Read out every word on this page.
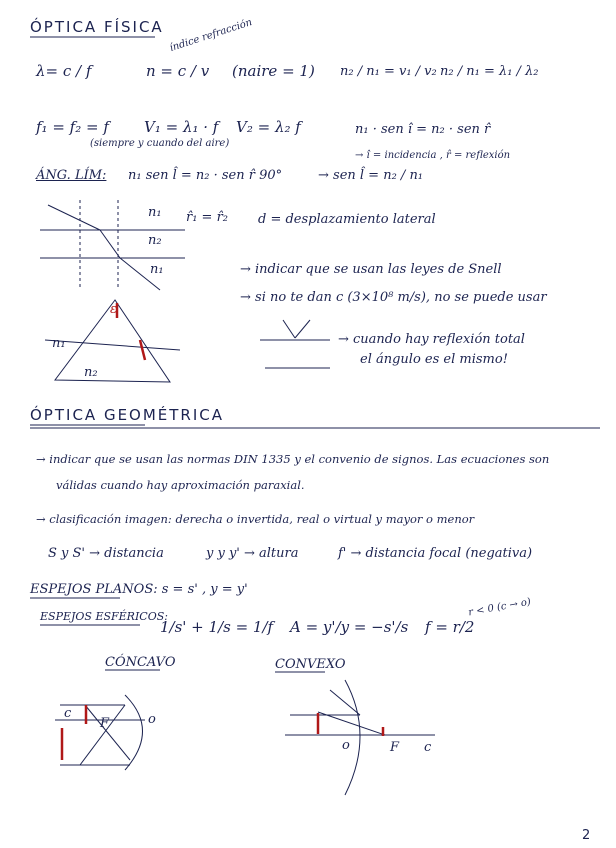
ÓPTICA FÍSICA índice refracción
λ= c / f	n = c / v (naire = 1) n₂ / n₁ = v₁ / v₂ n₂ / n₁ = λ₁ / λ₂
f₁ = f₂ = f
(siempre y cuando del aire)
V₁ = λ₁ · f V₂ = λ₂ f	n₁ · sen î = n₂ · sen r̂
→ î = incidencia , r̂ = reflexión
ÁNG. LÍM: n₁ sen l̂ = n₂ · sen r̂ 90°	→ sen l̂ = n₂ / n₁
n₁
n₂
n₁
r̂₁ = r̂₂ d = desplazamiento lateral
→ indicar que se usan las leyes de Snell
→ si no te dan c (3×10⁸ m/s), no se puede usar
→ cuando hay reflexión total
el ángulo es el mismo!
n₁
n₂
ε
ÓPTICA GEOMÉTRICA
→ indicar que se usan las normas DIN 1335 y el convenio de signos. Las ecuaciones son
válidas cuando hay aproximación paraxial.
→ clasificación imagen: derecha o invertida, real o virtual y mayor o menor
S y S' → distancia	y y y' → altura	f' → distancia focal (negativa)
ESPEJOS PLANOS: s = s' , y = y'
ESPEJOS ESFÉRICOS:
1/s' + 1/s = 1/f A = y'/y = −s'/s f = r/2
r < 0 (c → o)
CÓNCAVO	CONVEXO
c
F	o
o	F c
2
